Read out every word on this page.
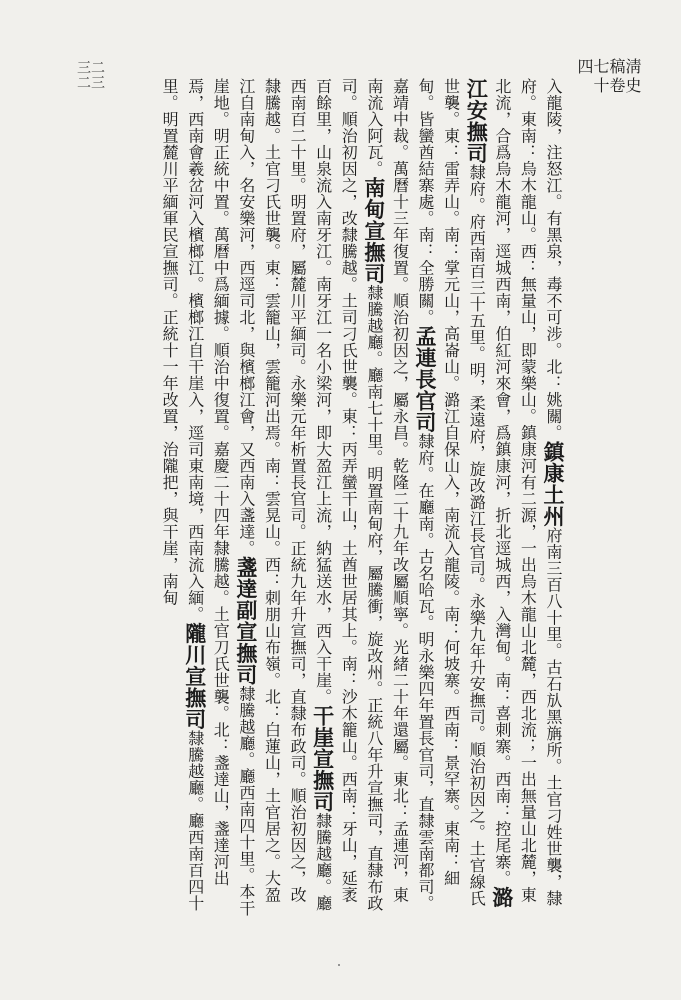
淸史稿卷七十四
二三三二

入龍陵，注怒江。有黑泉，毒不可涉。北：姚關。鎮康土州府南三百八十里。古石㫃黑㫋所。土官刁姓世襲，隸府。東南：烏木龍山。西：無量山，即蒙樂山。鎮康河有二源，一出烏木龍山北麓，西北流；一出無量山北麓，東北流，合爲烏木龍河，逕城西南，伯紅河來會，爲鎮康河，折北逕城西，入灣甸。南：喜刺寨。西南：控尾寨。潞江安撫司隸府。府西南百三十五里。明，柔遠府，旋改潞江長官司。永樂九年升安撫司。順治初因之。土官線氏世襲。東：雷弄山。南：掌元山，高崙山。潞江自保山入，南流入龍陵。南：何坡寨。西南：景罕寨。東南：細甸。皆蠻酋結寨處。南：全勝關。孟連長官司隸府。在廳南。古名哈瓦。明永樂四年置長官司，直隸雲南都司。嘉靖中裁。萬曆十三年復置。順治初因之，屬永昌。乾隆二十九年改屬順寧。光緒二十年還屬。東北：孟連河，東南流入阿瓦。南甸宣撫司隸騰越廳。廳南七十里。明置南甸府，屬騰衝，旋改州。正統八年升宣撫司，直隸布政司。順治初因之，改隸騰越。土司刁氏世襲。東：丙弄蠻干山，土酋世居其上。南：沙木籠山。西南：牙山，延袤百餘里，山泉流入南牙江。南牙江一名小梁河，即大盈江上流，納猛送水，西入干崖。干崖宣撫司隸騰越廳。廳西南百二十里。明置府，屬麓川平緬司。永樂元年析置長官司。正統九年升宣撫司，直隸布政司。順治初因之，改隸騰越。土官刁氏世襲。東：雲籠山，雲籠河出焉。南：雲晃山。西：刺朋山布嶺。北：白蓮山，土官居之。大盈江自南甸入，名安樂河，西逕司北，與檳榔江會，又西南入盞達。盞達副宣撫司隸騰越廳。廳西南四十里。本干崖地。明正統中置。萬曆中爲緬據。順治中復置。嘉慶二十四年隸騰越。土官刀氏世襲。北：盞達山，盞達河出焉，西南會羲岔河入檳榔江。檳榔江自干崖入，逕司東南境，西南流入緬。隴川宣撫司隸騰越廳。廳西南百四十里。明置麓川平緬軍民宣撫司。正統十一年改置，治隴把，與干崖，南甸
